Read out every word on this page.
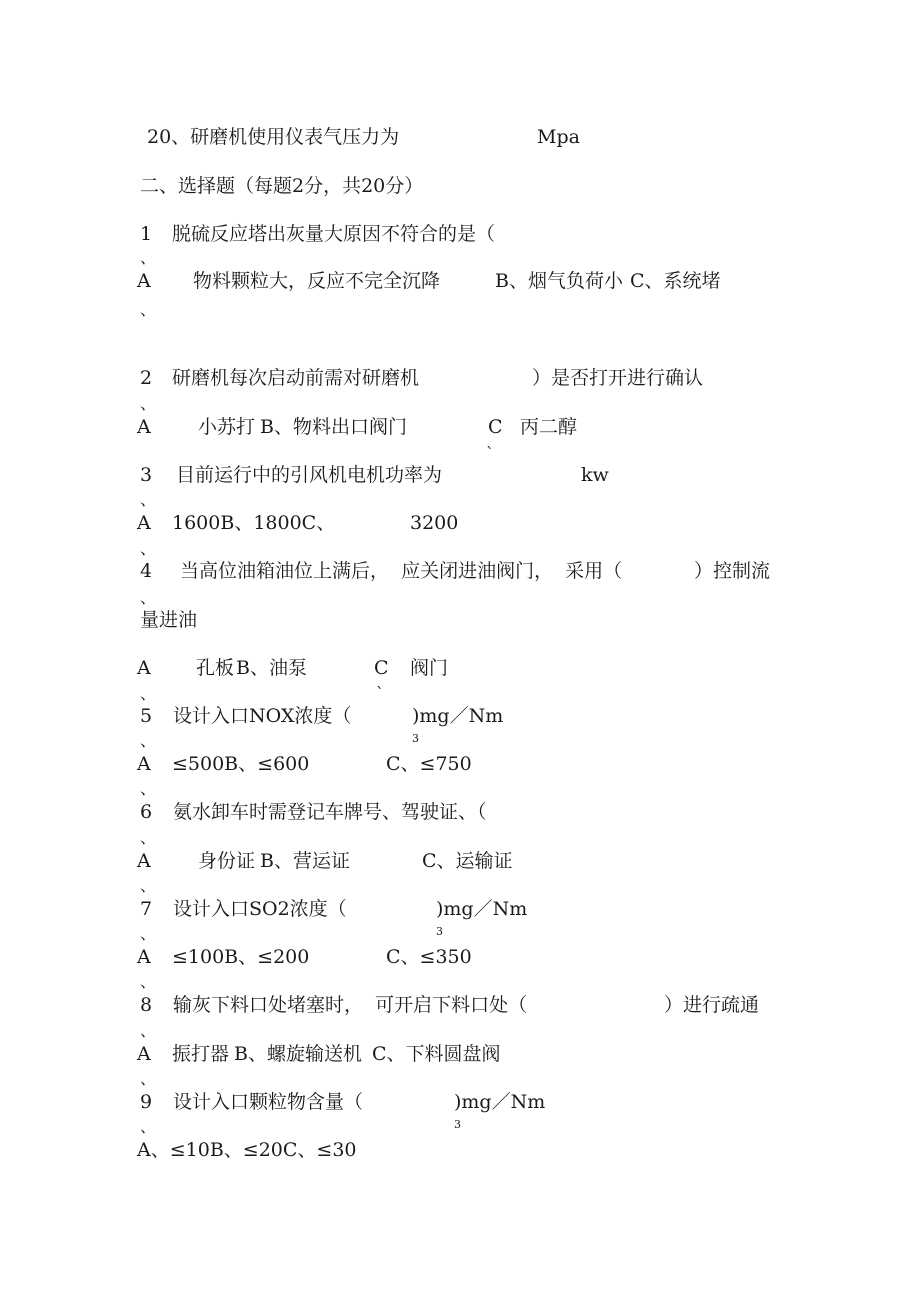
20、研磨机使用仪表气压力为	Mpa
二、选择题（每题2分，共20分）
1 脱硫反应塔出灰量大原因不符合的是（
、
A 物料颗粒大，反应不完全沉降	B、烟气负荷小 C、系统堵
、
2 研磨机每次启动前需对研磨机	）是否打开进行确认
、
A 小苏打 B、物料出口阀门	C 丙二醇
`
3 目前运行中的引风机电机功率为	kw
、
A 1600B、1800C、	3200
、
4 当高位油箱油位上满后，  应关闭进油阀门，  采用（	）控制流
、
量进油
A 孔板 B、油泵	C 阀门
、	`
5 设计入口NOX浓度（	)mg／Nm
3
、
A ≤500B、≤600	C、≤750
、
6 氨水卸车时需登记车牌号、驾驶证、（
、
A 身份证 B、营运证	C、运输证
、
7 设计入口SO2浓度（	)mg／Nm
3
、
A ≤100B、≤200	C、≤350
、
8 输灰下料口处堵塞时，  可开启下料口处（	）进行疏通
、
A 振打器 B、螺旋输送机 C、下料圆盘阀
、
9 设计入口颗粒物含量（	)mg／Nm
3
、
A、≤10B、≤20C、≤30
